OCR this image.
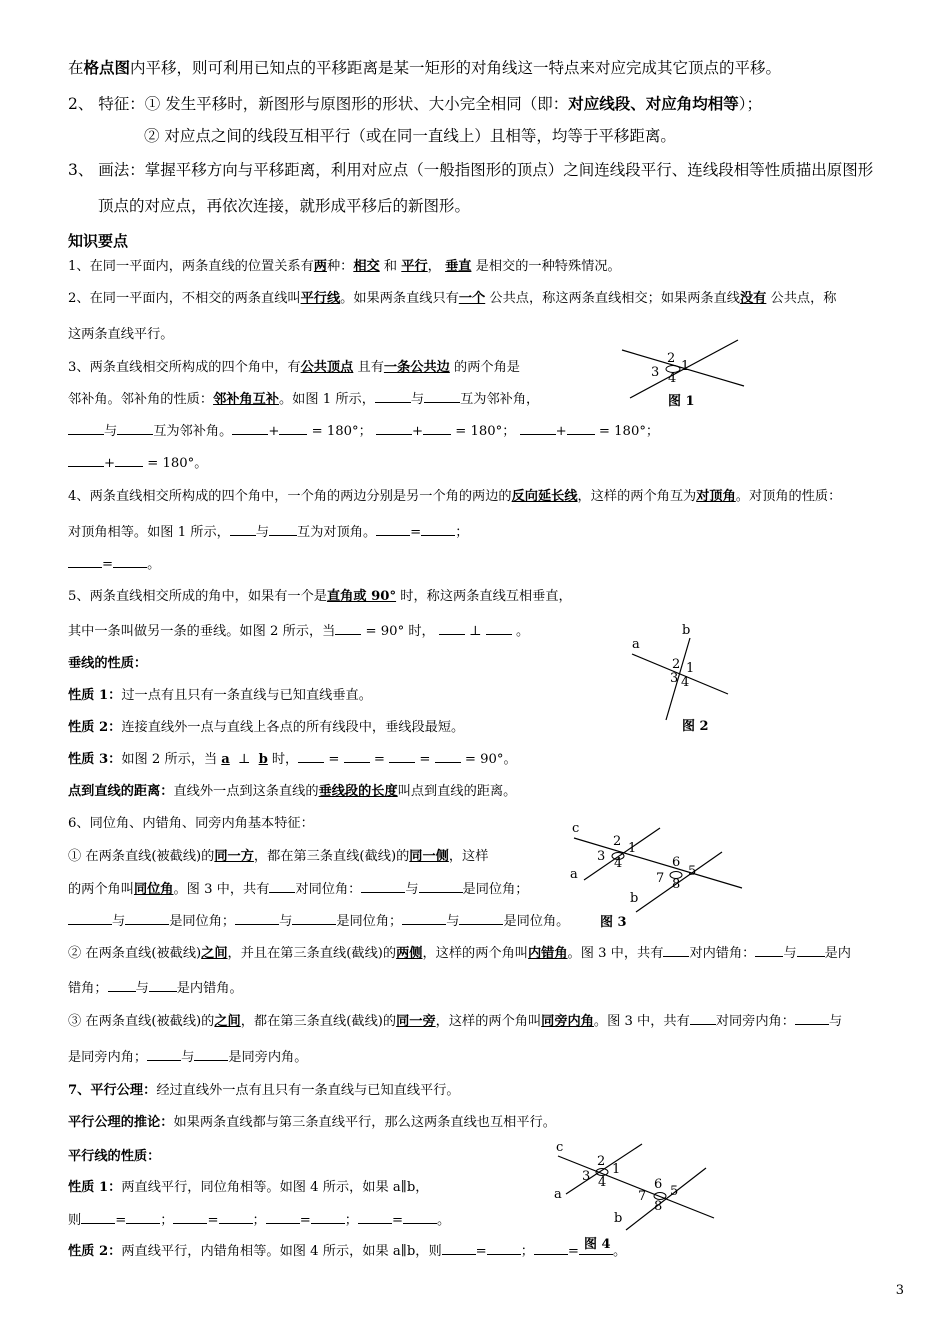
在格点图内平移，则可利用已知点的平移距离是某一矩形的对角线这一特点来对应完成其它顶点的平移。
2、 特征：① 发生平移时，新图形与原图形的形状、大小完全相同（即：对应线段、对应角均相等）；
② 对应点之间的线段互相平行（或在同一直线上）且相等，均等于平移距离。
3、 画法：掌握平移方向与平移距离，利用对应点（一般指图形的顶点）之间连线段平行、连线段相等性质描出原图形
顶点的对应点，再依次连接，就形成平移后的新图形。
知识要点
1、在同一平面内，两条直线的位置关系有两种：相交 和 平行， 垂直 是相交的一种特殊情况。
2、在同一平面内，不相交的两条直线叫平行线。如果两条直线只有一个 公共点，称这两条直线相交；如果两条直线没有 公共点，称
这两条直线平行。
3、两条直线相交所构成的四个角中，有公共顶点 且有一条公共边 的两个角是
邻补角。邻补角的性质：邻补角互补。如图 1 所示，	与	互为邻补角，
与	互为邻补角。	+ = 180°；	+ = 180°；	+ = 180°；
+ = 180°。
4、两条直线相交所构成的四个角中，一个角的两边分别是另一个角的两边的反向延长线，这样的两个角互为对顶角。对顶角的性质：
对顶角相等。如图 1 所示， 与 互为对顶角。	=	；
=	。
5、两条直线相交所成的角中，如果有一个是直角或 90° 时，称这两条直线互相垂直，
其中一条叫做另一条的垂线。如图 2 所示，当 = 90° 时，	⊥	。
垂线的性质：
性质 1：过一点有且只有一条直线与已知直线垂直。
性质 2：连接直线外一点与直线上各点的所有线段中，垂线段最短。
性质 3：如图 2 所示，当 a ⊥ b 时， =	=	=	= 90°。
点到直线的距离：直线外一点到这条直线的垂线段的长度叫点到直线的距离。
6、同位角、内错角、同旁内角基本特征：
① 在两条直线(被截线)的同一方，都在第三条直线(截线)的同一侧，这样
的两个角叫同位角。图 3 中，共有 对同位角：	与	是同位角；
与	是同位角；	与	是同位角；	与	是同位角。
② 在两条直线(被截线)之间，并且在第三条直线(截线)的两侧，这样的两个角叫内错角。图 3 中，共有 对内错角： 与 是内
错角； 与 是内错角。
③ 在两条直线(被截线)的之间，都在第三条直线(截线)的同一旁，这样的两个角叫同旁内角。图 3 中，共有 对同旁内角：	与
是同旁内角；	与	是同旁内角。
7、平行公理：经过直线外一点有且只有一条直线与已知直线平行。
平行公理的推论：如果两条直线都与第三条直线平行，那么这两条直线也互相平行。
平行线的性质：
性质 1：两直线平行，同位角相等。如图 4 所示，如果 a∥b，
则	=	；	=	；	=	；	=	。
性质 2：两直线平行，内错角相等。如图 4 所示，如果 a∥b，则	=	；	=	。
2
1
3 4
图 1
a
b
2 1
3 4
图 2
c
2 1
3 4
a
6
5
7 8
b
图 3
c
2
1
3 4
a
6 5
7
8
b
图 4
3
